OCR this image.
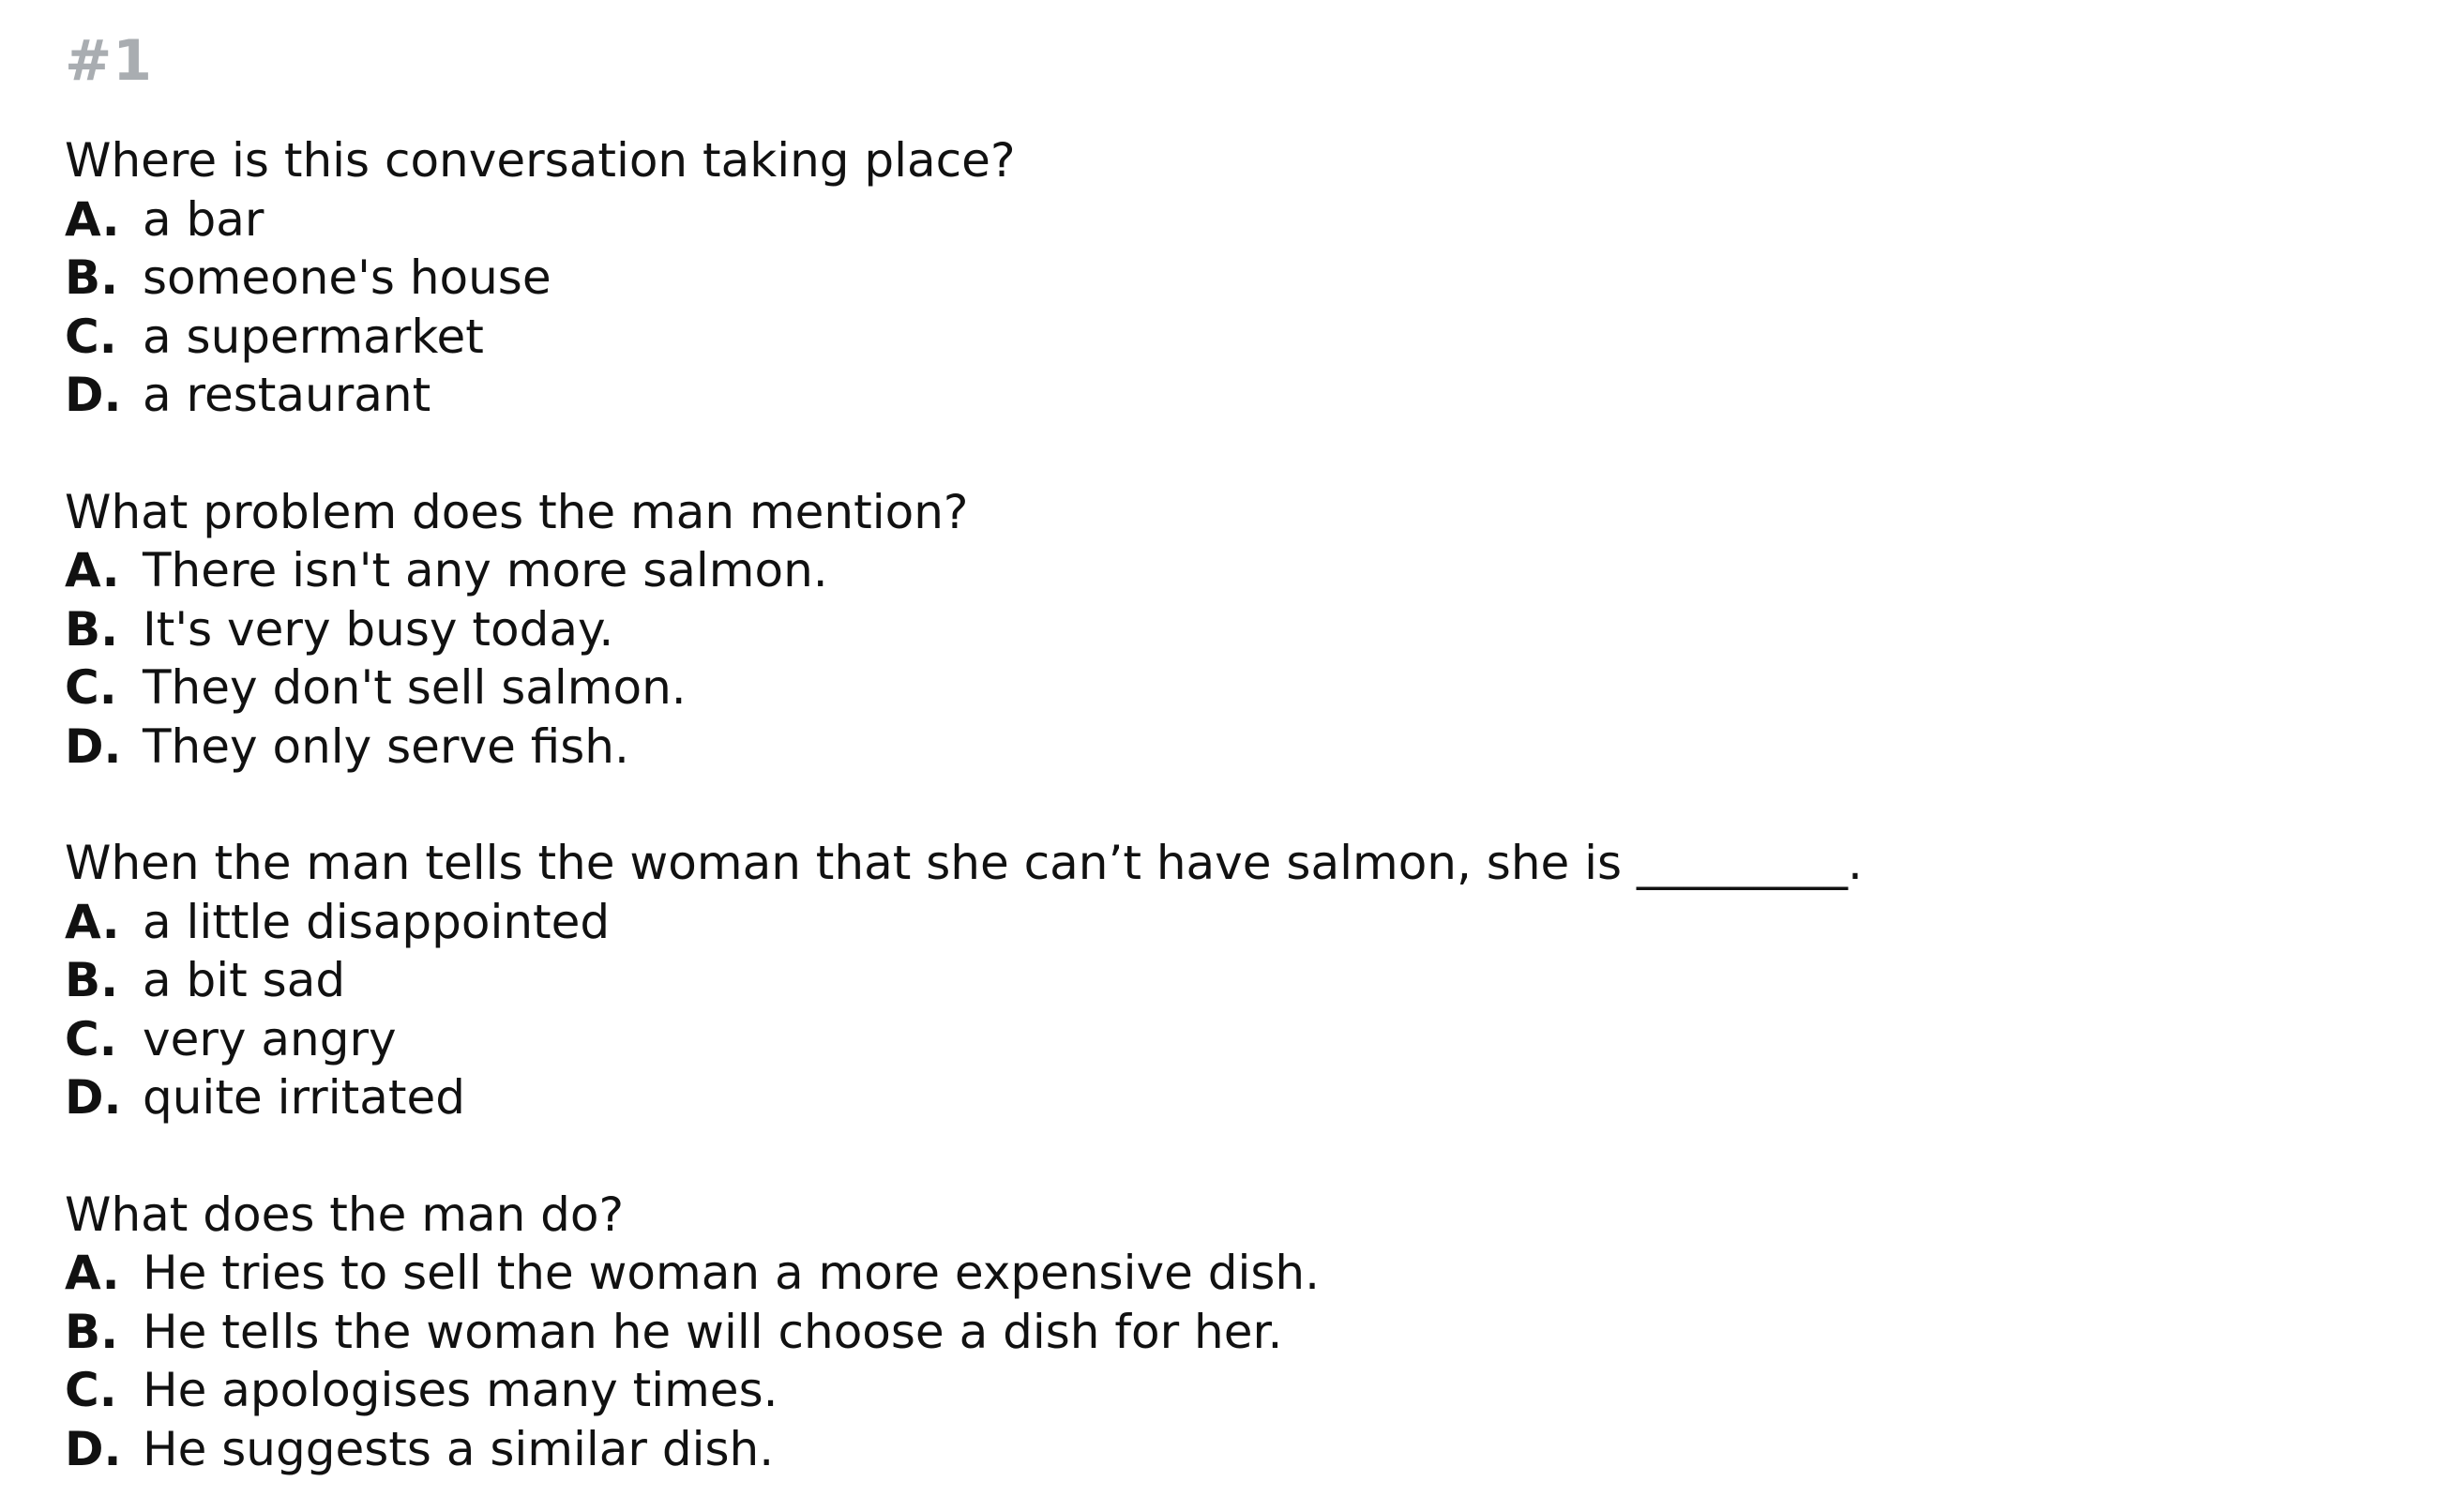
#1

Where is this conversation taking place?

A. a bar
B. someone's house
C. a supermarket
D. a restaurant

What problem does the man mention?

A. There isn't any more salmon.
B. It's very busy today.
C. They don't sell salmon.
D. They only serve fish.

When the man tells the woman that she can’t have salmon, she is _________.

A. a little disappointed
B. a bit sad
C. very angry
D. quite irritated

What does the man do?

A. He tries to sell the woman a more expensive dish.
B. He tells the woman he will choose a dish for her.
C. He apologises many times.
D. He suggests a similar dish.
